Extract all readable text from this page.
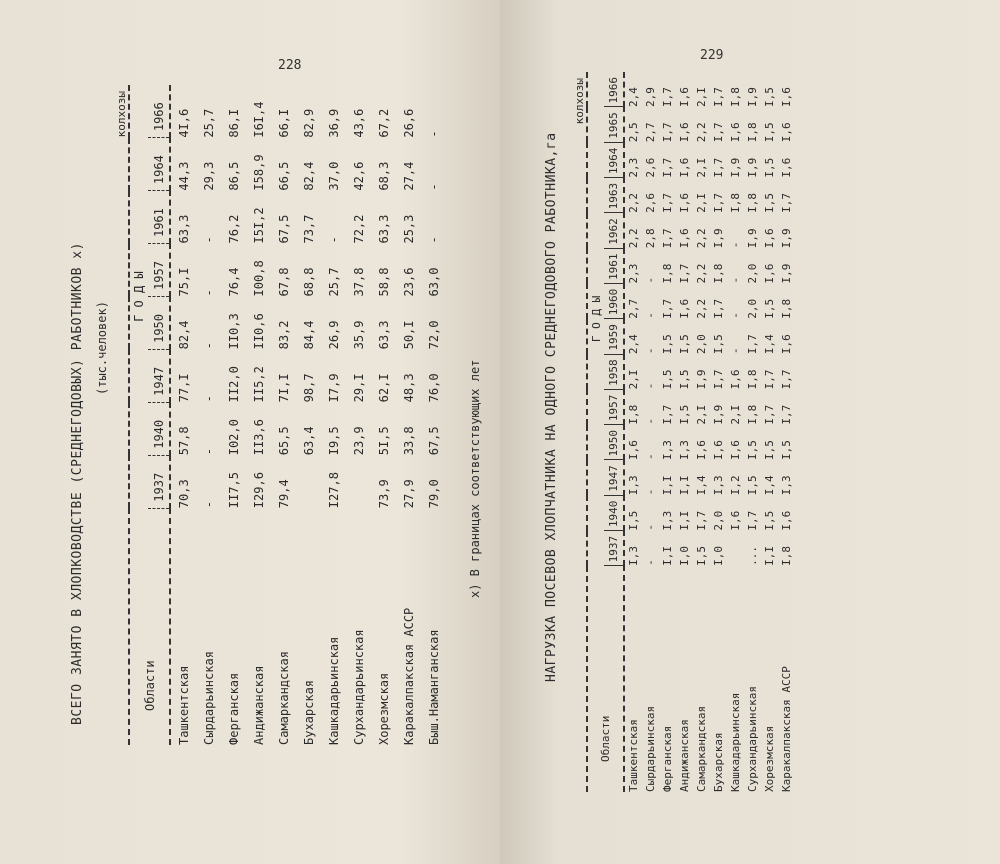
228
ВСЕГО ЗАНЯТО В ХЛОПКОВОДСТВЕ (СРЕДНЕГОДОВЫХ) РАБОТНИКОВ х) (тыс.человек)
колхозы								

Области	Г О Д Ы							
	1937	1940	1947	1950	1957	1961	1964	1966

Ташкентская	70,3	57,8	77,I	82,4	75,I	63,3	44,3	4I,6
Сырдарьинская	-	-	-	-	-	-	29,3	25,7
Ферганская	II7,5	I02,0	II2,0	II0,3	76,4	76,2	86,5	86,I
Андижанская	I29,6	II3,6	II5,2	II0,6	I00,8	I5I,2	I58,9	I6I,4
Самаркандская	79,4	65,5	7I,I	83,2	67,8	67,5	66,5	66,I
Бухарская		63,4	98,7	84,4	68,8	73,7	82,4	82,9
Кашкадарьинская	I27,8	I9,5	I7,9	26,9	25,7	-	37,0	36,9
Сурхандарьинская		23,9	29,I	35,9	37,8	72,2	42,6	43,6
Хорезмская	73,9	5I,5	62,I	63,3	58,8	63,3	68,3	67,2
Каракалпакская АССР	27,9	33,8	48,3	50,I	23,6	25,3	27,4	26,6
Быш.Наманганская	79,0	67,5	76,0	72,0	63,0	-	-	-
х) В границах соответствующих лет
229
НАГРУЗКА ПОСЕВОВ ХЛОПЧАТНИКА НА ОДНОГО СРЕДНЕГОДОВОГО РАБОТНИКА,га
колхозы														

Области	Г О Д Ы													
	1937	1940	1947	1950	1957	1958	1959	1960	1961	1962	1963	1964	1965	1966

Ташкентская	I,3	I,5	I,3	I,6	I,8	2,I	2,4	2,7	2,3	2,2	2,2	2,3	2,5	2,4
Сырдарьинская	-	-	-	-	-	-	-	-	-	2,8	2,6	2,6	2,7	2,9
Ферганская	I,I	I,3	I,I	I,3	I,7	I,5	I,5	I,7	I,8	I,7	I,7	I,7	I,7	I,7
Андижанская	I,0	I,I	I,I	I,3	I,5	I,5	I,5	I,6	I,7	I,6	I,6	I,6	I,6	I,6
Самаркандская	I,5	I,7	I,4	I,6	2,I	I,9	2,0	2,2	2,2	2,2	2,I	2,I	2,2	2,I
Бухарская	I,0	2,0	I,3	I,6	I,9	I,7	I,5	I,7	I,8	I,9	I,7	I,7	I,7	I,7
Кашкадарьинская		I,6	I,2	I,6	2,I	I,6	-	-	-	-	I,8	I,9	I,6	I,8
Сурхандарьинская	...	I,7	I,5	I,5	I,8	I,8	I,7	2,0	2,0	I,9	I,8	I,9	I,8	I,9
Хорезмская	I,I	I,5	I,4	I,5	I,7	I,7	I,4	I,5	I,6	I,6	I,5	I,5	I,5	I,5
Каракалпакская АССР	I,8	I,6	I,3	I,5	I,7	I,7	I,6	I,8	I,9	I,9	I,7	I,6	I,6	I,6
